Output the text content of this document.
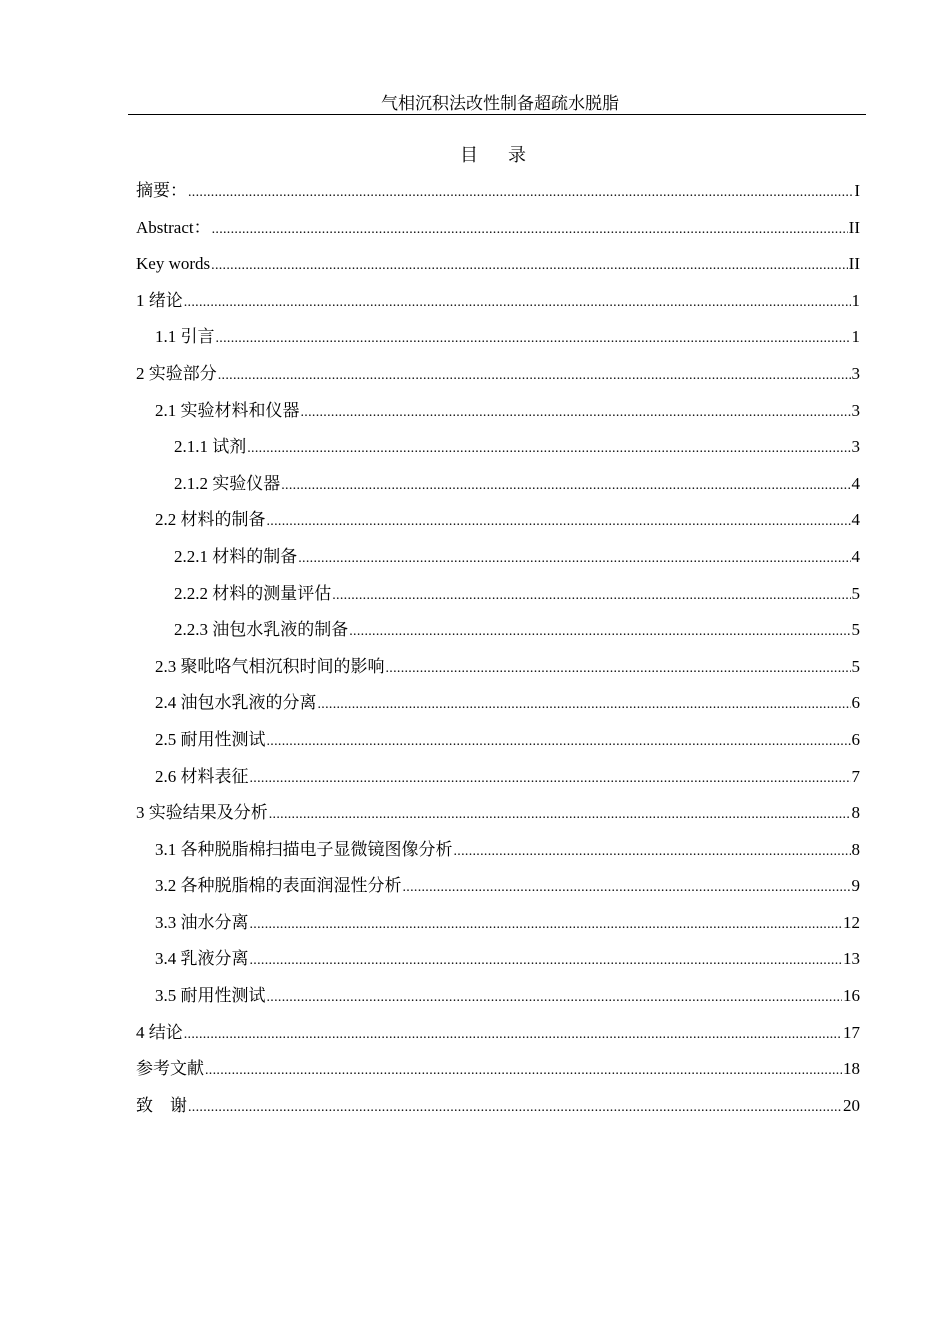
气相沉积法改性制备超疏水脱脂
目录
摘要： .....	I
Abstract： .....	II
Key words .....	II
1 绪论 .....	1
1.1 引言 .....	1
2 实验部分 .....	3
2.1 实验材料和仪器 .....	3
2.1.1 试剂 .....	3
2.1.2 实验仪器 .....	4
2.2 材料的制备 .....	4
2.2.1 材料的制备 .....	4
2.2.2 材料的测量评估 .....	5
2.2.3 油包水乳液的制备 .....	5
2.3 聚吡咯气相沉积时间的影响 .....	5
2.4 油包水乳液的分离 .....	6
2.5 耐用性测试 .....	6
2.6 材料表征 .....	7
3 实验结果及分析 .....	8
3.1 各种脱脂棉扫描电子显微镜图像分析 .....	8
3.2 各种脱脂棉的表面润湿性分析 .....	9
3.3 油水分离 .....	12
3.4 乳液分离 .....	13
3.5 耐用性测试 .....	16
4 结论 .....	17
参考文献 .....	18
致　谢 .....	20
